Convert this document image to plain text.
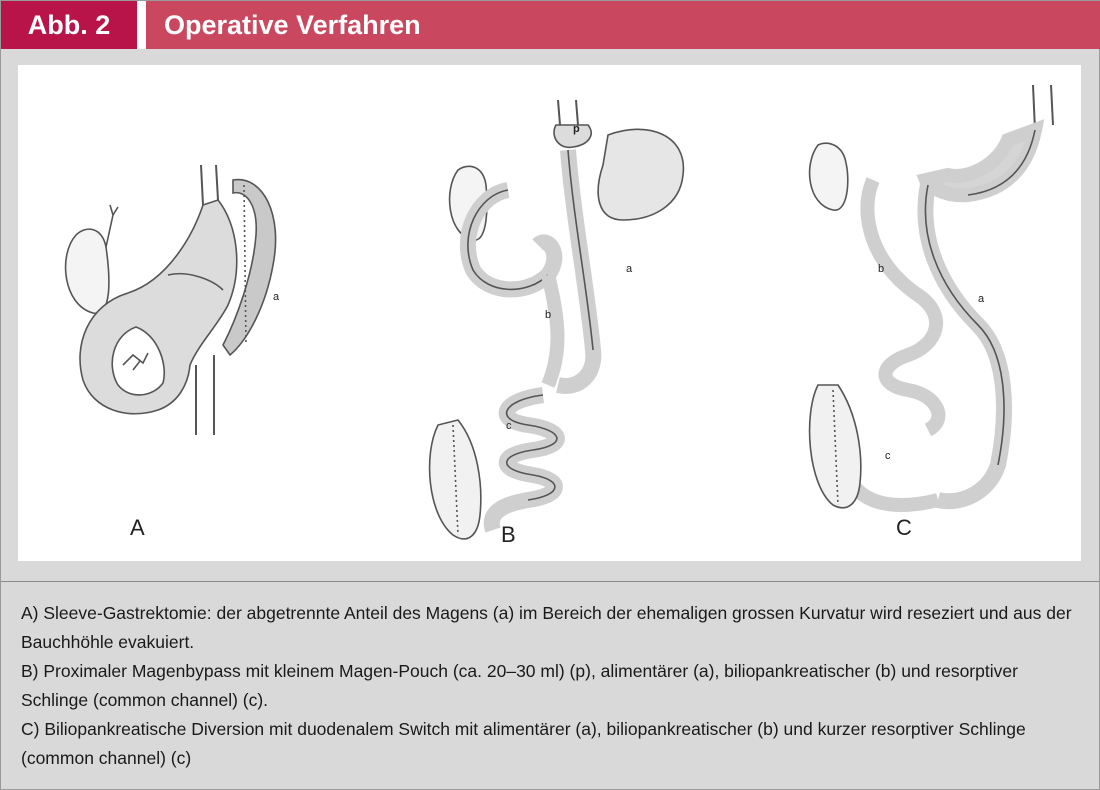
Abb. 2	Operative Verfahren
a
p
a
b
c
a
b
c
A	B	C

A) Sleeve-Gastrektomie: der abgetrennte Anteil des Magens (a) im Bereich der ehemaligen grossen Kurvatur wird reseziert und aus der Bauchhöhle evakuiert.

B) Proximaler Magenbypass mit kleinem Magen-Pouch (ca. 20–30 ml) (p), alimentärer (a), biliopankreatischer (b) und resorptiver Schlinge (common channel) (c).

C) Biliopankreatische Diversion mit duodenalem Switch mit alimentärer (a), biliopankreatischer (b) und kurzer resorptiver Schlinge (common channel) (c)
